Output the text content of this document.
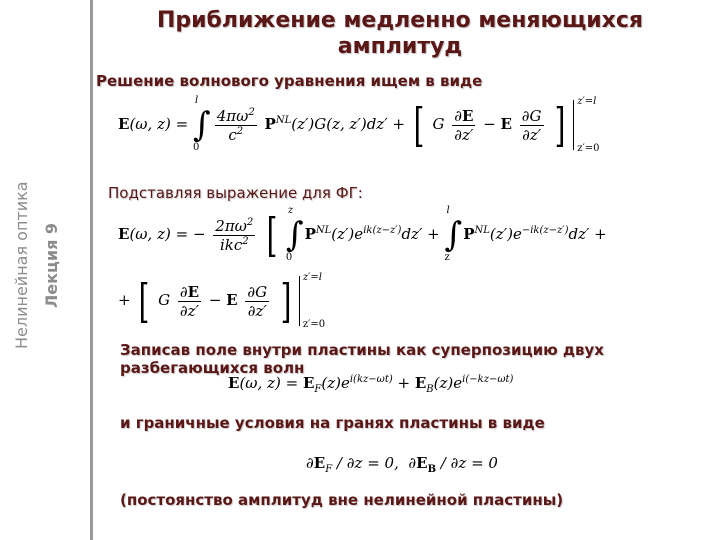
Нелинейная оптика Лекция 9
Приближение медленно меняющихся амплитуд
Решение волнового уравнения ищем в виде
E(ω, z) =
l
∫
0

$\frac{4\pi\omega^2}{c^2} P^{NL}(z')G(z$, z′)dz′ + [ G $\frac{\partial E}{\partial z'} - E \frac{\partial G}{\partial z'}$ ] z′=l
z′=0
Подставляя выражение для ФГ:
E(ω, z) = − $\frac{2\pi\omega^2}{ikc^2}$ [ z
∫
0
$P^{NL}(z')e^{ik(z-z')}dz'$ +
l
∫
z
$P^{NL}(z')e^{-ik(z-z')}dz'$ +
+ [ G $\frac{\partial E}{\partial z'} - E \frac{\partial G}{\partial z'}$ ] z′=l
z′=0
Записав поле внутри пластины как суперпозицию двух разбегающихся волн
E(ω, $z) = E_F(z)e^{i(kz-\omega t)} + E_B(z)e^{i(-kz-\omega t)}$
и граничные условия на гранях пластины в виде
$\partial E_F / \partial z = 0$,  $\partial E_B / \partial z = 0$
(постоянство амплитуд вне нелинейной пластины)
